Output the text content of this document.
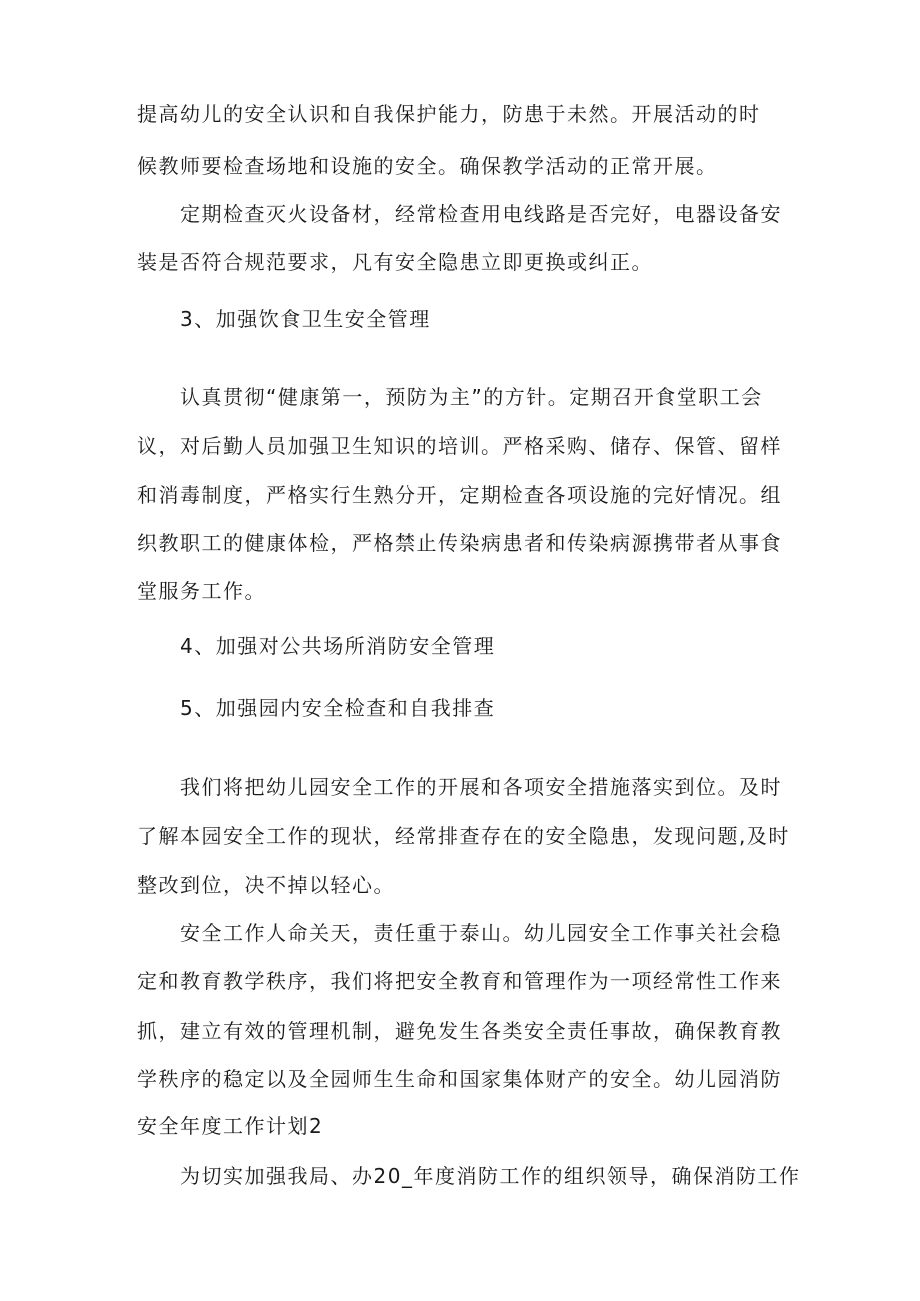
提高幼儿的安全认识和自我保护能力，防患于未然。开展活动的时
候教师要检查场地和设施的安全。确保教学活动的正常开展。
定期检查灭火设备材，经常检查用电线路是否完好，电器设备安
装是否符合规范要求，凡有安全隐患立即更换或纠正。
3、加强饮食卫生安全管理
认真贯彻“健康第一，预防为主”的方针。定期召开食堂职工会
议，对后勤人员加强卫生知识的培训。严格采购、储存、保管、留样
和消毒制度，严格实行生熟分开，定期检查各项设施的完好情况。组
织教职工的健康体检，严格禁止传染病患者和传染病源携带者从事食
堂服务工作。
4、加强对公共场所消防安全管理
5、加强园内安全检查和自我排查
我们将把幼儿园安全工作的开展和各项安全措施落实到位。及时
了解本园安全工作的现状，经常排查存在的安全隐患，发现问题,及时
整改到位，决不掉以轻心。
安全工作人命关天，责任重于泰山。幼儿园安全工作事关社会稳
定和教育教学秩序，我们将把安全教育和管理作为一项经常性工作来
抓，建立有效的管理机制，避免发生各类安全责任事故，确保教育教
学秩序的稳定以及全园师生生命和国家集体财产的安全。幼儿园消防
安全年度工作计划2
为切实加强我局、办20_年度消防工作的组织领导，确保消防工作
